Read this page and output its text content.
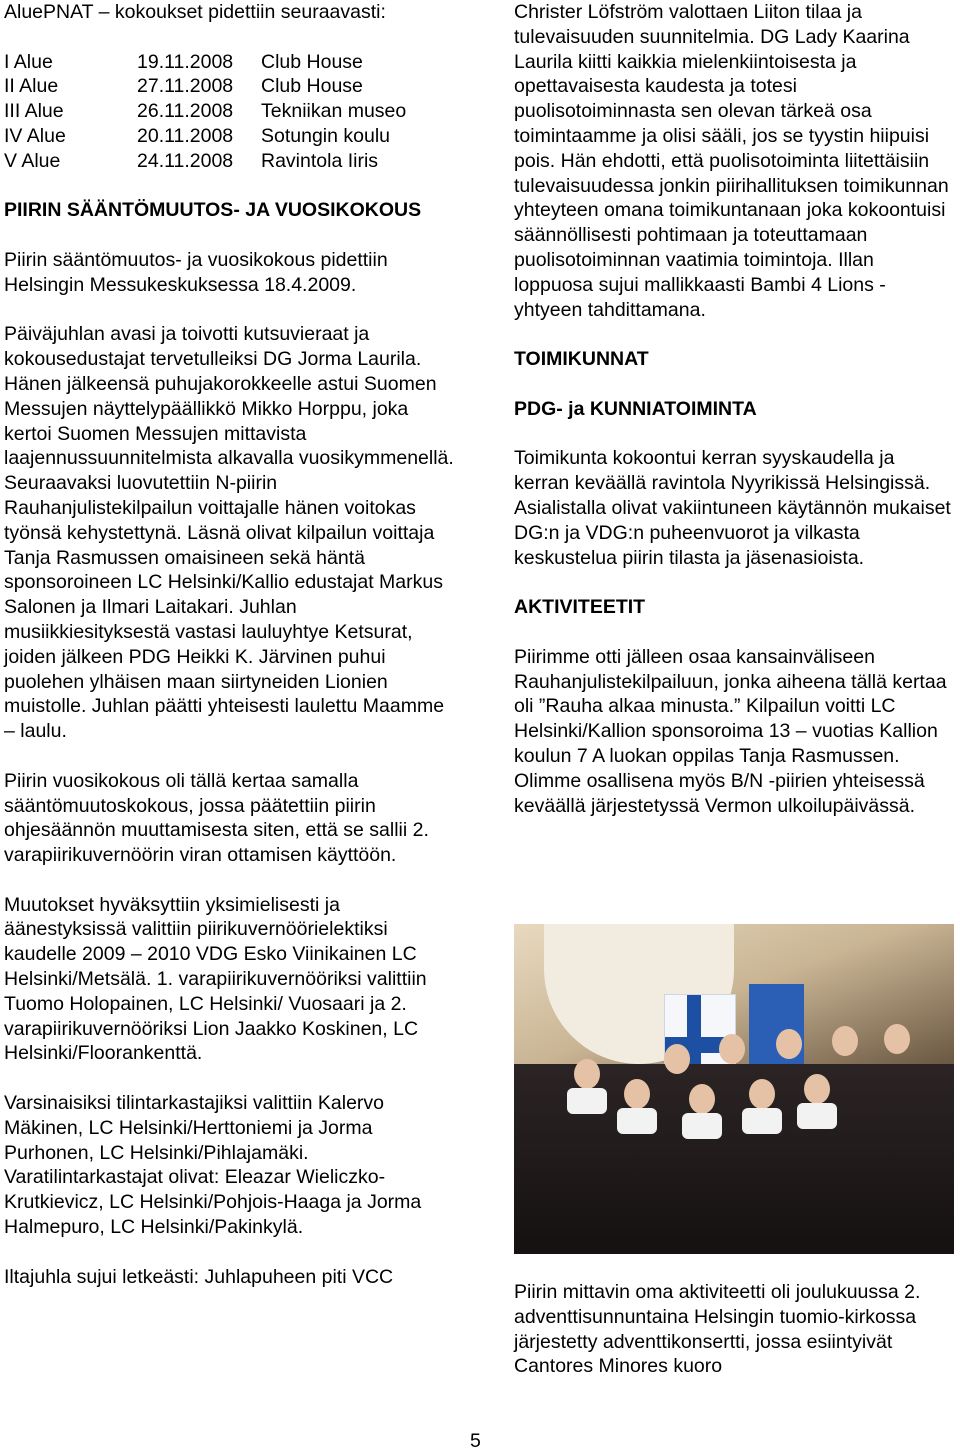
AluePNAT – kokoukset pidettiin seuraavasti:

I Alue	19.11.2008	Club House
II Alue	27.11.2008	Club House
III Alue	26.11.2008	Tekniikan museo
IV Alue	20.11.2008	Sotungin koulu
V Alue	24.11.2008	Ravintola Iiris
PIIRIN SÄÄNTÖMUUTOS- JA VUOSIKOKOUS

Piirin sääntömuutos- ja vuosikokous pidettiin Helsingin Messukeskuksessa 18.4.2009.

Päiväjuhlan avasi ja toivotti kutsuvieraat ja kokousedustajat tervetulleiksi DG Jorma Laurila. Hänen jälkeensä puhujakorokkeelle astui Suomen Messujen näyttelypäällikkö Mikko Horppu, joka kertoi Suomen Messujen mittavista laajennussuunnitelmista alkavalla vuosikymmenellä. Seuraavaksi luovutettiin N-piirin Rauhanjulistekilpailun voittajalle hänen voitokas työnsä kehystettynä. Läsnä olivat kilpailun voittaja Tanja Rasmussen omaisineen sekä häntä sponsoroineen LC Helsinki/Kallio edustajat Markus Salonen ja Ilmari Laitakari. Juhlan musiikkiesityksestä vastasi lauluyhtye Ketsurat, joiden jälkeen PDG Heikki K. Järvinen puhui puolehen ylhäisen maan siirtyneiden Lionien muistolle. Juhlan päätti yhteisesti laulettu Maamme – laulu.

Piirin vuosikokous oli tällä kertaa samalla sääntömuutoskokous, jossa päätettiin piirin ohjesäännön muuttamisesta siten, että se sallii 2. varapiirikuvernöörin viran ottamisen käyttöön.

Muutokset hyväksyttiin yksimielisesti ja äänestyksissä valittiin piirikuvernöörielektiksi kaudelle 2009 – 2010 VDG Esko Viinikainen LC Helsinki/Metsälä. 1. varapiirikuvernööriksi valittiin Tuomo Holopainen, LC Helsinki/ Vuosaari ja 2. varapiirikuvernööriksi Lion Jaakko Koskinen, LC Helsinki/Floorankenttä.

Varsinaisiksi tilintarkastajiksi valittiin Kalervo Mäkinen, LC Helsinki/Herttoniemi ja Jorma Purhonen, LC Helsinki/Pihlajamäki. Varatilintarkastajat olivat: Eleazar Wieliczko-Krutkievicz, LC Helsinki/Pohjois-Haaga ja Jorma Halmepuro, LC Helsinki/Pakinkylä.

Iltajuhla sujui letkeästi: Juhlapuheen piti VCC

Christer Löfström valottaen Liiton tilaa ja tulevaisuuden suunnitelmia. DG Lady Kaarina Laurila kiitti kaikkia mielenkiintoisesta ja opettavaisesta kaudesta ja totesi puolisotoiminnasta sen olevan tärkeä osa toimintaamme ja olisi sääli, jos se tyystin hiipuisi pois. Hän ehdotti, että puolisotoiminta liitettäisiin tulevaisuudessa jonkin piirihallituksen toimikunnan yhteyteen omana toimikuntanaan joka kokoontuisi säännöllisesti pohtimaan ja toteuttamaan puolisotoiminnan vaatimia toimintoja. Illan loppuosa sujui mallikkaasti Bambi 4 Lions -yhtyeen tahdittamana.

TOIMIKUNNAT
PDG- ja KUNNIATOIMINTA

Toimikunta kokoontui kerran syyskaudella ja kerran keväällä ravintola Nyyrikissä Helsingissä. Asialistalla olivat vakiintuneen käytännön mukaiset DG:n ja VDG:n puheenvuorot ja vilkasta keskustelua piirin tilasta ja jäsenasioista.

AKTIVITEETIT

Piirimme otti jälleen osaa kansainväliseen Rauhanjulistekilpailuun, jonka aiheena tällä kertaa oli ”Rauha alkaa minusta.” Kilpailun voitti LC Helsinki/Kallion sponsoroima 13 – vuotias Kallion koulun 7 A luokan oppilas Tanja Rasmussen. Olimme osallisena myös B/N -piirien yhteisessä keväällä järjestetyssä Vermon ulkoilupäivässä.

Piirin mittavin oma aktiviteetti oli joulukuussa 2. adventtisunnuntaina Helsingin tuomio-kirkossa järjestetty adventtikonsertti, jossa esiintyivät Cantores Minores kuoro

5
